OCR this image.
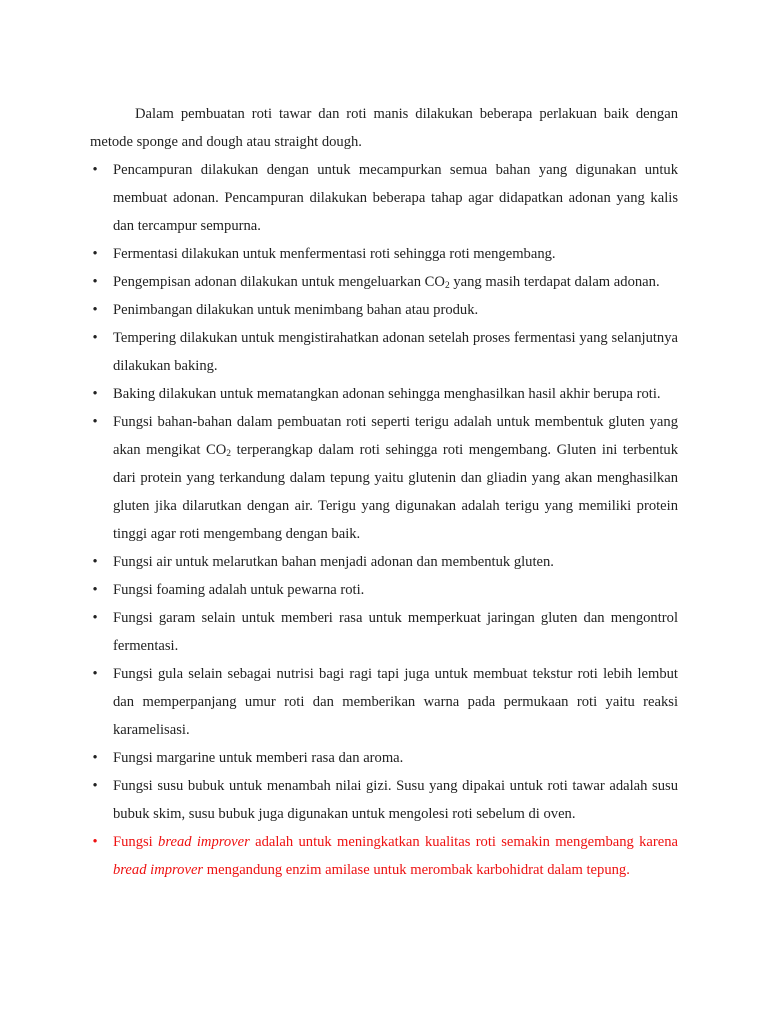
Dalam pembuatan roti tawar dan roti manis dilakukan beberapa perlakuan baik dengan metode sponge and dough atau straight dough.

• Pencampuran dilakukan dengan untuk mecampurkan semua bahan yang digunakan untuk membuat adonan. Pencampuran dilakukan beberapa tahap agar didapatkan adonan yang kalis dan tercampur sempurna.
• Fermentasi dilakukan untuk menfermentasi roti sehingga roti mengembang.
• Pengempisan adonan dilakukan untuk mengeluarkan $CO_2$ yang masih terdapat dalam adonan.
• Penimbangan dilakukan untuk menimbang bahan atau produk.
• Tempering dilakukan untuk mengistirahatkan adonan setelah proses fermentasi yang selanjutnya dilakukan baking.
• Baking dilakukan untuk mematangkan adonan sehingga menghasilkan hasil akhir berupa roti.
• Fungsi bahan-bahan dalam pembuatan roti seperti terigu adalah untuk membentuk gluten yang akan mengikat $CO_2$ terperangkap dalam roti sehingga roti mengembang. Gluten ini terbentuk dari protein yang terkandung dalam tepung yaitu glutenin dan gliadin yang akan menghasilkan gluten jika dilarutkan dengan air. Terigu yang digunakan adalah terigu yang memiliki protein tinggi agar roti mengembang dengan baik.
• Fungsi air untuk melarutkan bahan menjadi adonan dan membentuk gluten.
• Fungsi foaming adalah untuk pewarna roti.
• Fungsi garam selain untuk memberi rasa untuk memperkuat jaringan gluten dan mengontrol fermentasi.
• Fungsi gula selain sebagai nutrisi bagi ragi tapi juga untuk membuat tekstur roti lebih lembut dan memperpanjang umur roti dan memberikan warna pada permukaan roti yaitu reaksi karamelisasi.
• Fungsi margarine untuk memberi rasa dan aroma.
• Fungsi susu bubuk untuk menambah nilai gizi. Susu yang dipakai untuk roti tawar adalah susu bubuk skim, susu bubuk juga digunakan untuk mengolesi roti sebelum di oven.
• Fungsi bread improver adalah untuk meningkatkan kualitas roti semakin mengembang karena bread improver mengandung enzim amilase untuk merombak karbohidrat dalam tepung.
